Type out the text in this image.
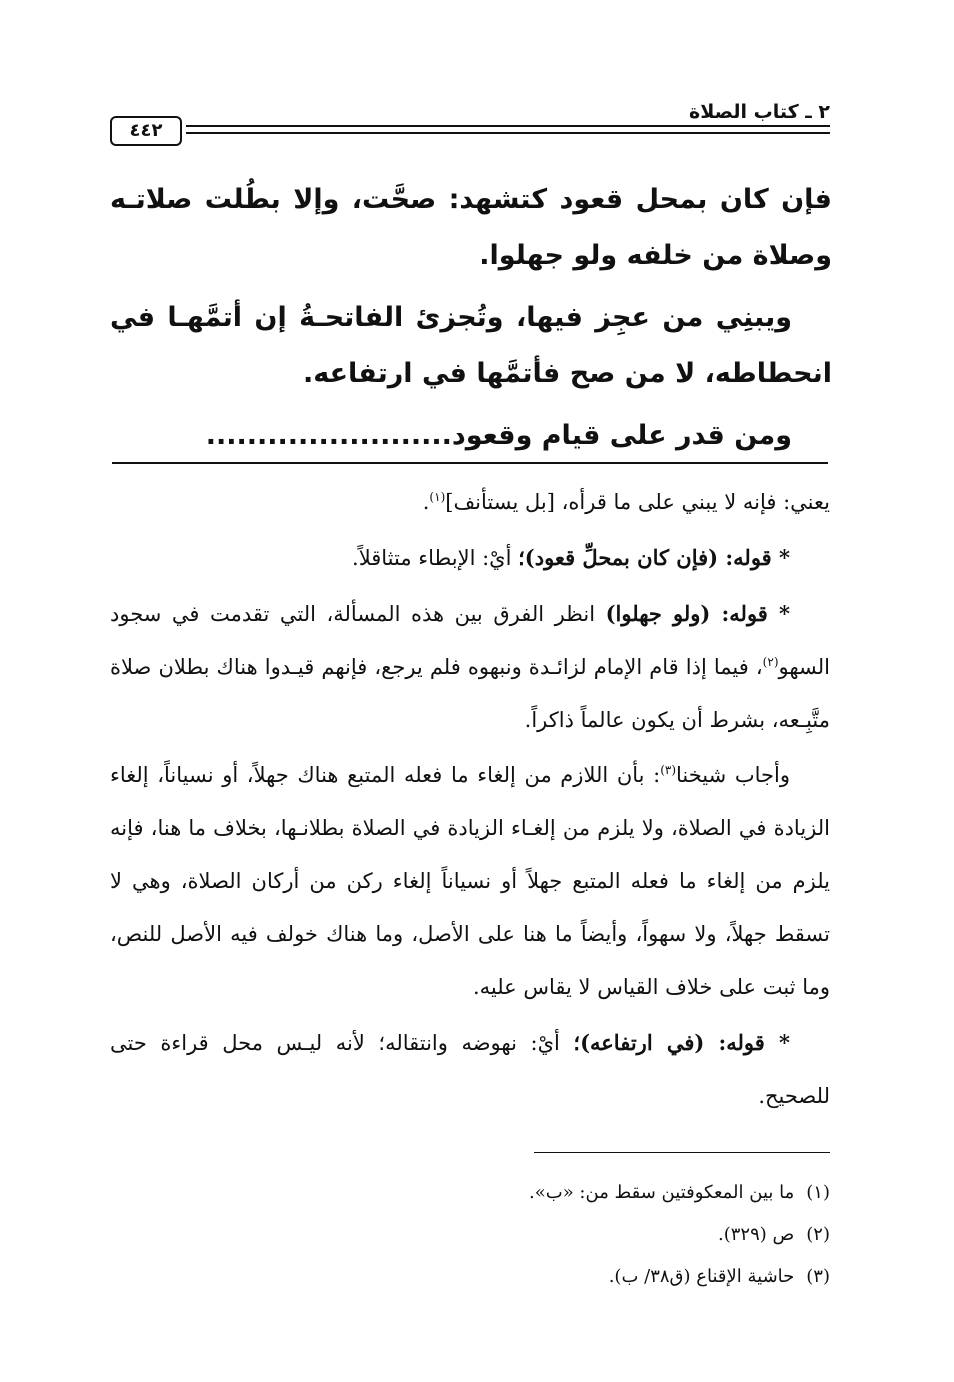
٢ ـ كتاب الصلاة
٤٤٢

فإن كان بمحل قعود كتشهد: صحَّت، وإلا بطُلت صلاتـه وصلاة من خلفه ولو جهلوا.

ويبنِي من عجِز فيها، وتُجزئ الفاتحـةُ إن أتمَّهـا في انحطاطه، لا من صح فأتمَّها في ارتفاعه.

ومن قدر على قيام وقعود........................

يعني: فإنه لا يبني على ما قرأه، [بل يستأنف]$^{(١)}$.

* قوله: (فإن كان بمحلِّ قعود)؛ أيْ: الإبطاء متثاقلاً.

* قوله: (ولو جهلوا) انظر الفرق بين هذه المسألة، التي تقدمت في سجود السهو$^{(٢)}$، فيما إذا قام الإمام لزائـدة ونبهوه فلم يرجع، فإنهم قيـدوا هناك بطلان صلاة متَّبِـعه، بشرط أن يكون عالماً ذاكراً.

وأجاب شيخنا$^{(٣)}$: بأن اللازم من إلغاء ما فعله المتبع هناك جهلاً، أو نسياناً، إلغاء الزيادة في الصلاة، ولا يلزم من إلغـاء الزيادة في الصلاة بطلانـها، بخلاف ما هنا، فإنه يلزم من إلغاء ما فعله المتبع جهلاً أو نسياناً إلغاء ركن من أركان الصلاة، وهي لا تسقط جهلاً، ولا سهواً، وأيضاً ما هنا على الأصل، وما هناك خولف فيه الأصل للنص، وما ثبت على خلاف القياس لا يقاس عليه.

* قوله: (في ارتفاعه)؛ أيْ: نهوضه وانتقاله؛ لأنه ليـس محل قراءة حتى للصحيح.

(١)ما بين المعكوفتين سقط من: «ب».
(٢)ص (٣٢٩).
(٣)حاشية الإقناع (ق٣٨/ ب).
